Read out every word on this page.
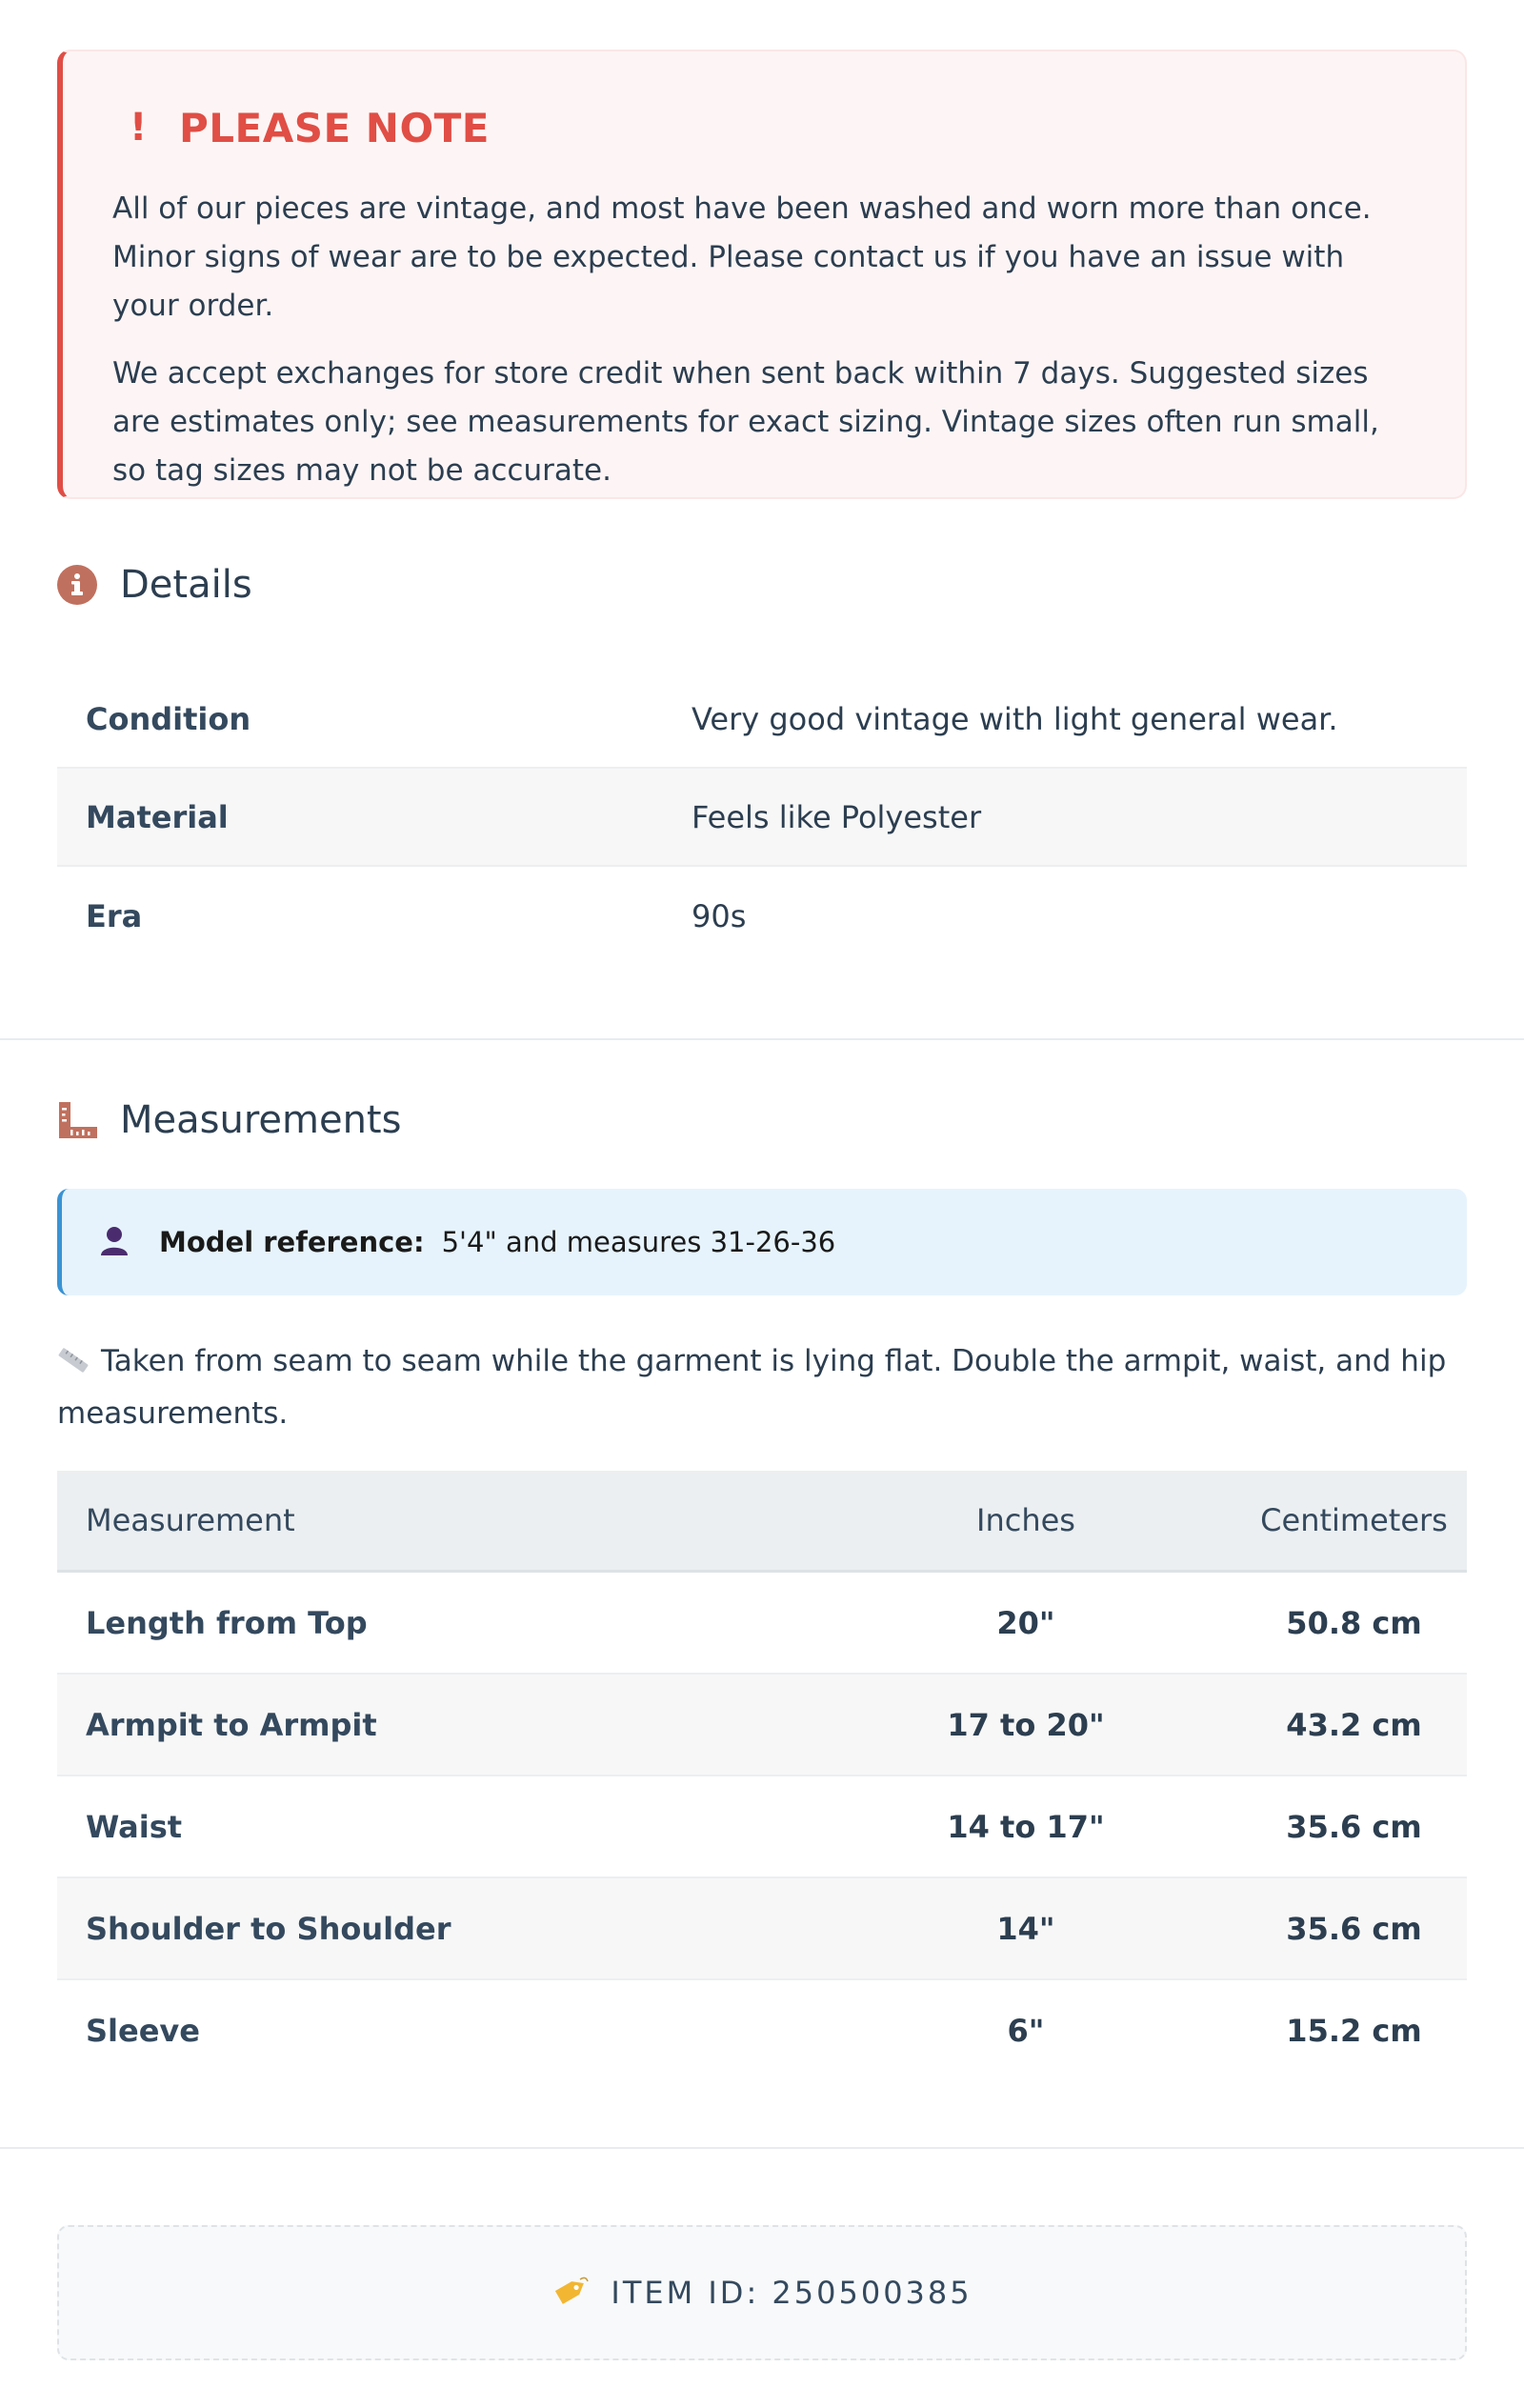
! PLEASE NOTE

All of our pieces are vintage, and most have been washed and worn more than once. Minor signs of wear are to be expected. Please contact us if you have an issue with your order.

We accept exchanges for store credit when sent back within 7 days. Suggested sizes are estimates only; see measurements for exact sizing. Vintage sizes often run small, so tag sizes may not be accurate.

Details
Condition	Very good vintage with light general wear.
Material	Feels like Polyester
Era	90s
Measurements
Model reference: 5'4" and measures 31-26-36
Taken from seam to seam while the garment is lying flat. Double the armpit, waist, and hip measurements.
Measurement	Inches	Centimeters
Length from Top	20"	50.8 cm
Armpit to Armpit	17 to 20"	43.2 cm
Waist	14 to 17"	35.6 cm
Shoulder to Shoulder	14"	35.6 cm
Sleeve	6"	15.2 cm
ITEM ID: 250500385
